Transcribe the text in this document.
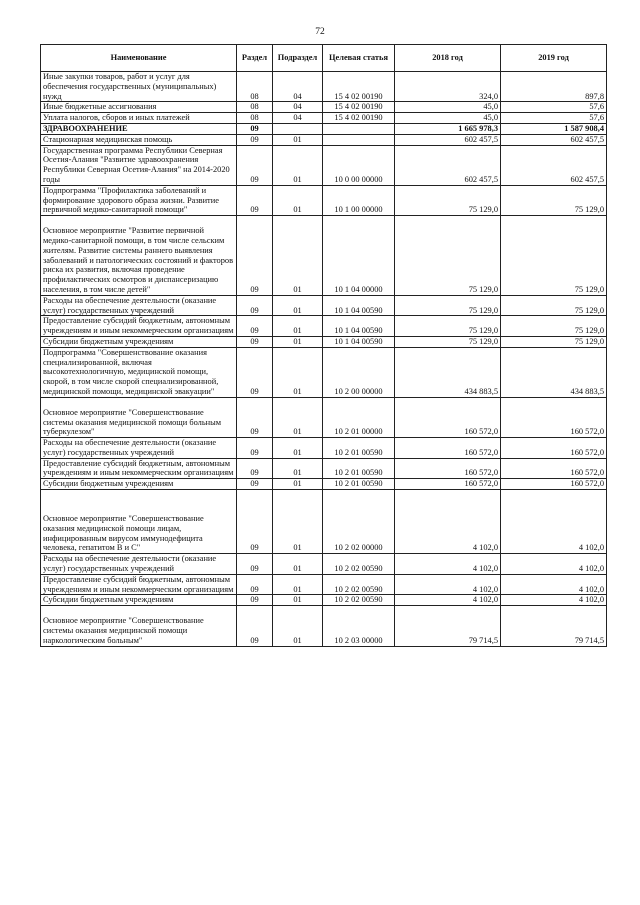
72
Наименование	Раздел	Подраздел	Целевая статья	2018 год	2019 год
Иные закупки товаров, работ и услуг для обеспечения государственных (муниципальных) нужд	08	04	15 4 02 00190	324,0	897,8
Иные бюджетные ассигнования	08	04	15 4 02 00190	45,0	57,6
Уплата налогов, сборов и иных платежей	08	04	15 4 02 00190	45,0	57,6
ЗДРАВООХРАНЕНИЕ	09			1 665 978,3	1 587 908,4
Стационарная медицинская помощь	09	01		602 457,5	602 457,5
Государственная программа Республики Северная Осетия-Алания "Развитие здравоохранения Республики Северная Осетия-Алания" на 2014-2020 годы	09	01	10 0 00 00000	602 457,5	602 457,5
Подпрограмма "Профилактика заболеваний и формирование здорового образа жизни. Развитие первичной медико-санитарной помощи"	09	01	10 1 00 00000	75 129,0	75 129,0
Основное мероприятие "Развитие первичной медико-санитарной помощи, в том числе сельским жителям. Развитие системы раннего выявления заболеваний и патологических состояний и факторов риска их развития, включая проведение профилактических осмотров и диспансеризацию населения, в том числе детей"	09	01	10 1 04 00000	75 129,0	75 129,0
Расходы на обеспечение деятельности (оказание услуг) государственных учреждений	09	01	10 1 04 00590	75 129,0	75 129,0
Предоставление субсидий бюджетным, автономным учреждениям и иным некоммерческим организациям	09	01	10 1 04 00590	75 129,0	75 129,0
Субсидии бюджетным учреждениям	09	01	10 1 04 00590	75 129,0	75 129,0
Подпрограмма "Совершенствование оказания специализированной, включая высокотехнологичную, медицинской помощи, скорой, в том числе скорой специализированной, медицинской помощи, медицинской эвакуации"	09	01	10 2 00 00000	434 883,5	434 883,5
Основное мероприятие "Совершенствование системы оказания медицинской помощи больным туберкулезом"	09	01	10 2 01 00000	160 572,0	160 572,0
Расходы на обеспечение деятельности (оказание услуг) государственных учреждений	09	01	10 2 01 00590	160 572,0	160 572,0
Предоставление субсидий бюджетным, автономным учреждениям и иным некоммерческим организациям	09	01	10 2 01 00590	160 572,0	160 572,0
Субсидии бюджетным учреждениям	09	01	10 2 01 00590	160 572,0	160 572,0
Основное мероприятие "Совершенствование оказания медицинской помощи лицам, инфицированным вирусом иммунодефицита человека, гепатитом В и С"	09	01	10 2 02 00000	4 102,0	4 102,0
Расходы на обеспечение деятельности (оказание услуг) государственных учреждений	09	01	10 2 02 00590	4 102,0	4 102,0
Предоставление субсидий бюджетным, автономным учреждениям и иным некоммерческим организациям	09	01	10 2 02 00590	4 102,0	4 102,0
Субсидии бюджетным учреждениям	09	01	10 2 02 00590	4 102,0	4 102,0
Основное мероприятие "Совершенствование системы оказания медицинской помощи наркологическим больным"	09	01	10 2 03 00000	79 714,5	79 714,5
